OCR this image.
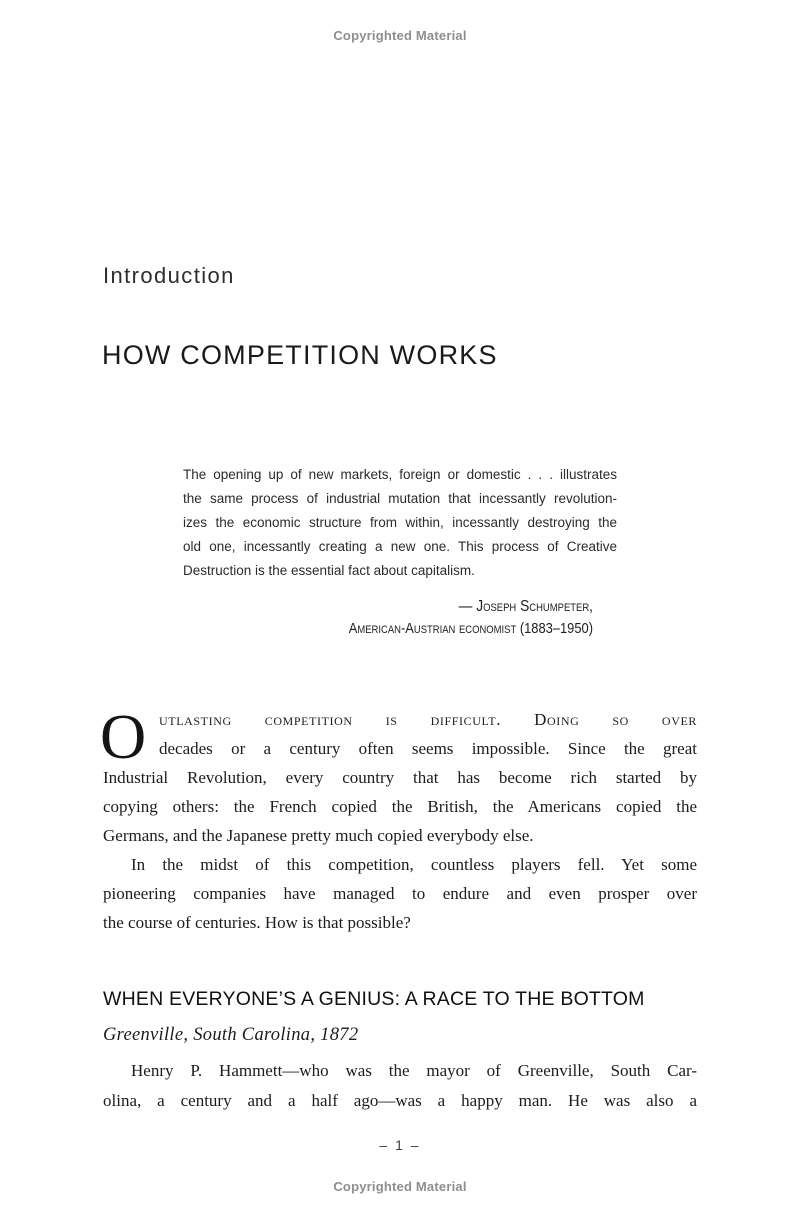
Copyrighted Material
Introduction
HOW COMPETITION WORKS
The opening up of new markets, foreign or domestic . . . illustrates
the same process of industrial mutation that incessantly revolution-
izes the economic structure from within, incessantly destroying the
old one, incessantly creating a new one. This process of Creative
Destruction is the essential fact about capitalism.
— Joseph Schumpeter,
American-Austrian economist (1883–1950)
O utlasting competition is difficult. Doing so over
decades or a century often seems impossible. Since the great
Industrial Revolution, every country that has become rich started by
copying others: the French copied the British, the Americans copied the
Germans, and the Japanese pretty much copied everybody else.
In the midst of this competition, countless players fell. Yet some
pioneering companies have managed to endure and even prosper over
the course of centuries. How is that possible?
WHEN EVERYONE’S A GENIUS: A RACE TO THE BOTTOM
Greenville, South Carolina, 1872
Henry P. Hammett—who was the mayor of Greenville, South Car-
olina, a century and a half ago—was a happy man. He was also a
– 1 –
Copyrighted Material
